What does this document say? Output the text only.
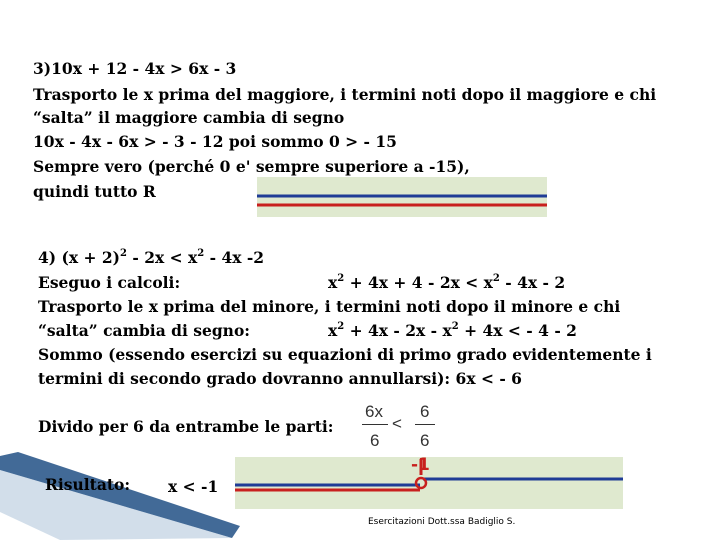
3)10x + 12 - 4x > 6x - 3
Trasporto le x prima del maggiore, i termini noti dopo il maggiore e chi
“salta” il maggiore cambia di segno
10x - 4x - 6x > - 3 - 12 poi sommo 0 > - 15
Sempre vero (perché 0 e' sempre superiore a -15),
quindi tutto R
4) $(x + 2)^2 - 2x < x^2 - 4x$ -2
Eseguo i calcoli:	$x^2 + 4x + 4 - 2x < x^2 - 4x - 2$
Trasporto le x prima del minore, i termini noti dopo il minore e chi
“salta” cambia di segno:	$x^2 + 4x - 2x - x^2 + 4x$ < - 4 - 2
Sommo (essendo esercizi su equazioni di primo grado evidentemente i
termini di secondo grado dovranno annullarsi): 6x < - 6
Divido per 6 da entrambe le parti:
6x
6
<
6
6
Risultato: x < -1
-1
Esercitazioni Dott.ssa Badiglio S.
